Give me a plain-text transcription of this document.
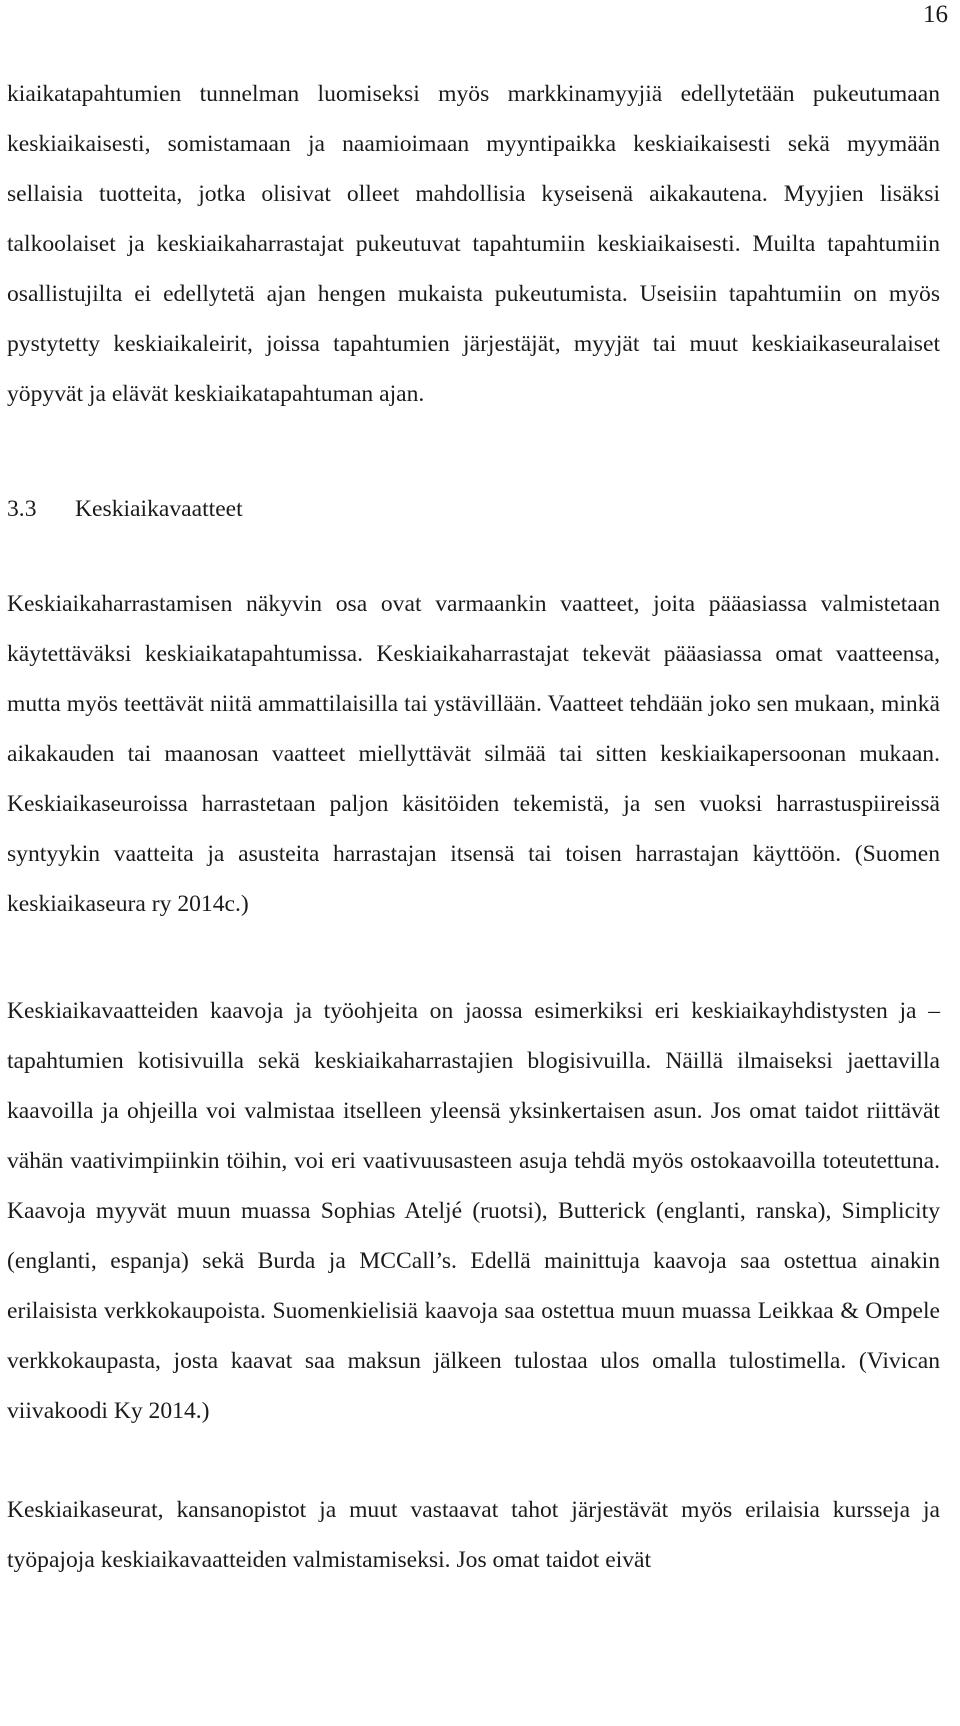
16

kiaikatapahtumien tunnelman luomiseksi myös markkinamyyjiä edellytetään pukeutumaan keskiaikaisesti, somistamaan ja naamioimaan myyntipaikka keskiaikaisesti sekä myymään sellaisia tuotteita, jotka olisivat olleet mahdollisia kyseisenä aikakautena. Myyjien lisäksi talkoolaiset ja keskiaikaharrastajat pukeutuvat tapahtumiin keskiaikaisesti. Muilta tapahtumiin osallistujilta ei edellytetä ajan hengen mukaista pukeutumista. Useisiin tapahtumiin on myös pystytetty keskiaikaleirit, joissa tapahtumien järjestäjät, myyjät tai muut keskiaikaseuralaiset yöpyvät ja elävät keskiaikatapahtuman ajan.

3.3 Keskiaikavaatteet

Keskiaikaharrastamisen näkyvin osa ovat varmaankin vaatteet, joita pääasiassa valmistetaan käytettäväksi keskiaikatapahtumissa. Keskiaikaharrastajat tekevät pääasiassa omat vaatteensa, mutta myös teettävät niitä ammattilaisilla tai ystävillään. Vaatteet tehdään joko sen mukaan, minkä aikakauden tai maanosan vaatteet miellyttävät silmää tai sitten keskiaikapersoonan mukaan. Keskiaikaseuroissa harrastetaan paljon käsitöiden tekemistä, ja sen vuoksi harrastuspiireissä syntyykin vaatteita ja asusteita harrastajan itsensä tai toisen harrastajan käyttöön. (Suomen keskiaikaseura ry 2014c.)

Keskiaikavaatteiden kaavoja ja työohjeita on jaossa esimerkiksi eri keskiaikayhdistysten ja – tapahtumien kotisivuilla sekä keskiaikaharrastajien blogisivuilla. Näillä ilmaiseksi jaettavilla kaavoilla ja ohjeilla voi valmistaa itselleen yleensä yksinkertaisen asun. Jos omat taidot riittävät vähän vaativimpiinkin töihin, voi eri vaativuusasteen asuja tehdä myös ostokaavoilla toteutettuna. Kaavoja myyvät muun muassa Sophias Ateljé (ruotsi), Butterick (englanti, ranska), Simplicity (englanti, espanja) sekä Burda ja MCCall’s. Edellä mainittuja kaavoja saa ostettua ainakin erilaisista verkkokaupoista. Suomenkielisiä kaavoja saa ostettua muun muassa Leikkaa & Ompele verkkokaupasta, josta kaavat saa maksun jälkeen tulostaa ulos omalla tulostimella. (Vivican viivakoodi Ky 2014.)

Keskiaikaseurat, kansanopistot ja muut vastaavat tahot järjestävät myös erilaisia kursseja ja työpajoja keskiaikavaatteiden valmistamiseksi. Jos omat taidot eivät
